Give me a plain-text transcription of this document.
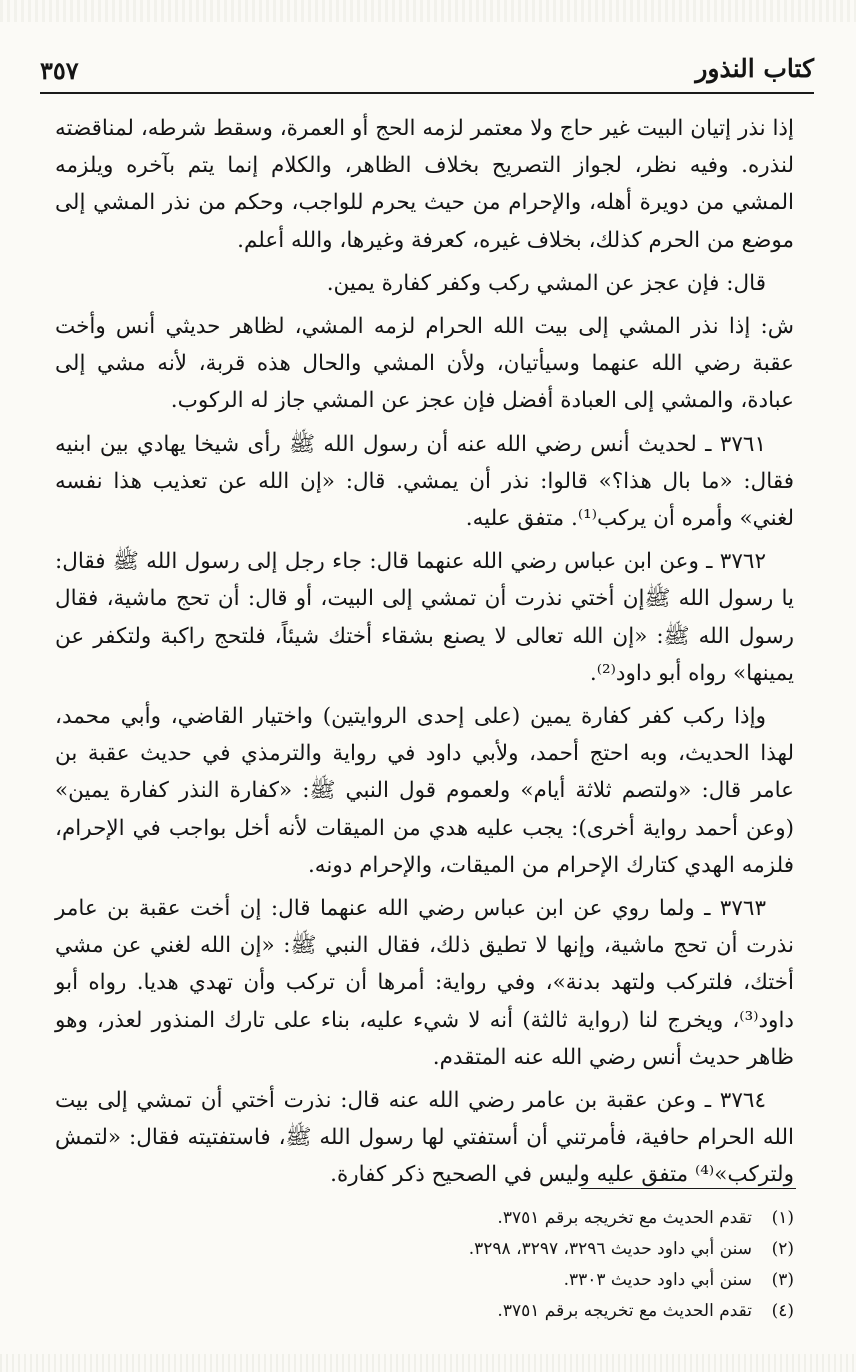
كتاب النذور
٣٥٧

إذا نذر إتيان البيت غير حاج ولا معتمر لزمه الحج أو العمرة، وسقط شرطه، لمناقضته لنذره. وفيه نظر، لجواز التصريح بخلاف الظاهر، والكلام إنما يتم بآخره ويلزمه المشي من دويرة أهله، والإحرام من حيث يحرم للواجب، وحكم من نذر المشي إلى موضع من الحرم كذلك، بخلاف غيره، كعرفة وغيرها، والله أعلم.

قال: فإن عجز عن المشي ركب وكفر كفارة يمين.

ش: إذا نذر المشي إلى بيت الله الحرام لزمه المشي، لظاهر حديثي أنس وأخت عقبة رضي الله عنهما وسيأتيان، ولأن المشي والحال هذه قربة، لأنه مشي إلى عبادة، والمشي إلى العبادة أفضل فإن عجز عن المشي جاز له الركوب.

٣٧٦١ ـ لحديث أنس رضي الله عنه أن رسول الله ﷺ رأى شيخا يهادي بين ابنيه فقال: «ما بال هذا؟» قالوا: نذر أن يمشي. قال: «إن الله عن تعذيب هذا نفسه لغني» وأمره أن يركب⁽¹⁾. متفق عليه.

٣٧٦٢ ـ وعن ابن عباس رضي الله عنهما قال: جاء رجل إلى رسول الله ﷺ فقال: يا رسول الله ﷺإن أختي نذرت أن تمشي إلى البيت، أو قال: أن تحج ماشية، فقال رسول الله ﷺ: «إن الله تعالى لا يصنع بشقاء أختك شيئاً، فلتحج راكبة ولتكفر عن يمينها» رواه أبو داود⁽²⁾.

وإذا ركب كفر كفارة يمين (على إحدى الروايتين) واختيار القاضي، وأبي محمد، لهذا الحديث، وبه احتج أحمد، ولأبي داود في رواية والترمذي في حديث عقبة بن عامر قال: «ولتصم ثلاثة أيام» ولعموم قول النبي ﷺ: «كفارة النذر كفارة يمين» (وعن أحمد رواية أخرى): يجب عليه هدي من الميقات لأنه أخل بواجب في الإحرام، فلزمه الهدي كتارك الإحرام من الميقات، والإحرام دونه.

٣٧٦٣ ـ ولما روي عن ابن عباس رضي الله عنهما قال: إن أخت عقبة بن عامر نذرت أن تحج ماشية، وإنها لا تطيق ذلك، فقال النبي ﷺ: «إن الله لغني عن مشي أختك، فلتركب ولتهد بدنة»، وفي رواية: أمرها أن تركب وأن تهدي هديا. رواه أبو داود⁽³⁾، ويخرج لنا (رواية ثالثة) أنه لا شيء عليه، بناء على تارك المنذور لعذر، وهو ظاهر حديث أنس رضي الله عنه المتقدم.

٣٧٦٤ ـ وعن عقبة بن عامر رضي الله عنه قال: نذرت أختي أن تمشي إلى بيت الله الحرام حافية، فأمرتني أن أستفتي لها رسول الله ﷺ، فاستفتيته فقال: «لتمش ولتركب»⁽⁴⁾ متفق عليه وليس في الصحيح ذكر كفارة.

(١)
تقدم الحديث مع تخريجه برقم ٣٧٥١.
(٢)
سنن أبي داود حديث ٣٢٩٦، ٣٢٩٧، ٣٢٩٨.
(٣)
سنن أبي داود حديث ٣٣٠٣.
(٤)
تقدم الحديث مع تخريجه برقم ٣٧٥١.
